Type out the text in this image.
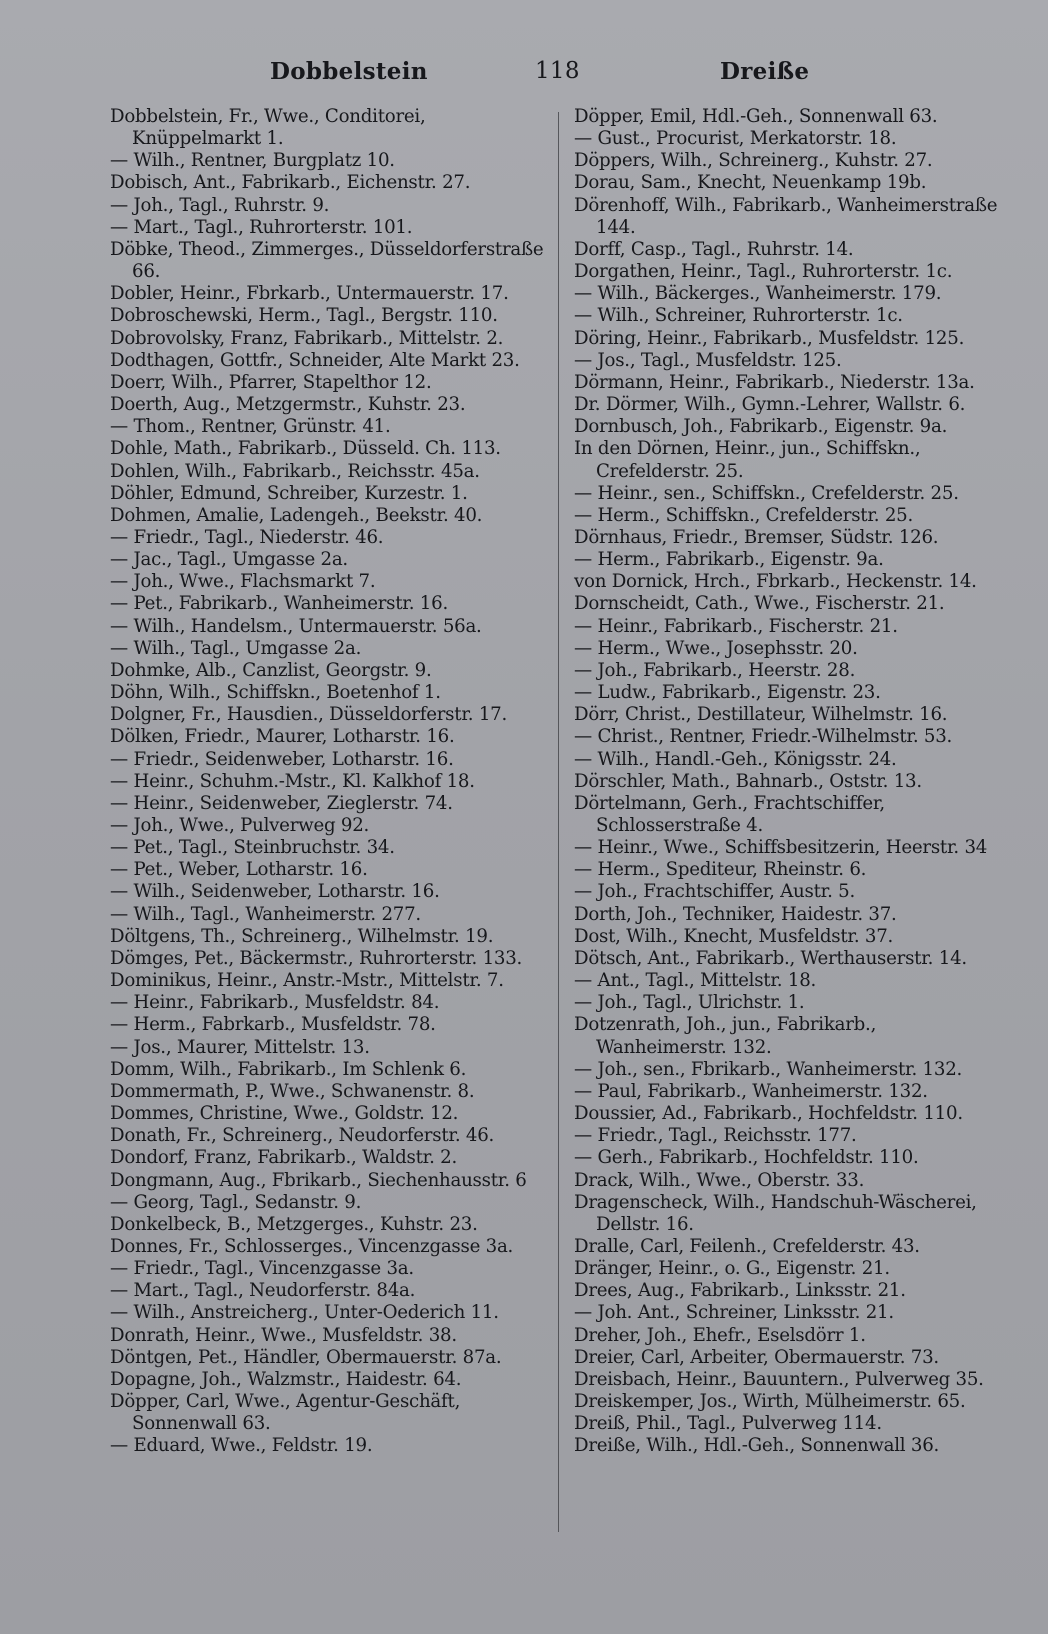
Dobbelstein	118	Dreiße
Dobbelstein, Fr., Wwe., Conditorei, Knüppelmarkt 1.
— Wilh., Rentner, Burgplatz 10.
Dobisch, Ant., Fabrikarb., Eichenstr. 27.
— Joh., Tagl., Ruhrstr. 9.
— Mart., Tagl., Ruhrorterstr. 101.
Döbke, Theod., Zimmerges., Düsseldorferstraße 66.
Dobler, Heinr., Fbrkarb., Untermauerstr. 17.
Dobroschewski, Herm., Tagl., Bergstr. 110.
Dobrovolsky, Franz, Fabrikarb., Mittelstr. 2.
Dodthagen, Gottfr., Schneider, Alte Markt 23.
Doerr, Wilh., Pfarrer, Stapelthor 12.
Doerth, Aug., Metzgermstr., Kuhstr. 23.
— Thom., Rentner, Grünstr. 41.
Dohle, Math., Fabrikarb., Düsseld. Ch. 113.
Dohlen, Wilh., Fabrikarb., Reichsstr. 45a.
Döhler, Edmund, Schreiber, Kurzestr. 1.
Dohmen, Amalie, Ladengeh., Beekstr. 40.
— Friedr., Tagl., Niederstr. 46.
— Jac., Tagl., Umgasse 2a.
— Joh., Wwe., Flachsmarkt 7.
— Pet., Fabrikarb., Wanheimerstr. 16.
— Wilh., Handelsm., Untermauerstr. 56a.
— Wilh., Tagl., Umgasse 2a.
Dohmke, Alb., Canzlist, Georgstr. 9.
Döhn, Wilh., Schiffskn., Boetenhof 1.
Dolgner, Fr., Hausdien., Düsseldorferstr. 17.
Dölken, Friedr., Maurer, Lotharstr. 16.
— Friedr., Seidenweber, Lotharstr. 16.
— Heinr., Schuhm.-Mstr., Kl. Kalkhof 18.
— Heinr., Seidenweber, Zieglerstr. 74.
— Joh., Wwe., Pulverweg 92.
— Pet., Tagl., Steinbruchstr. 34.
— Pet., Weber, Lotharstr. 16.
— Wilh., Seidenweber, Lotharstr. 16.
— Wilh., Tagl., Wanheimerstr. 277.
Döltgens, Th., Schreinerg., Wilhelmstr. 19.
Dömges, Pet., Bäckermstr., Ruhrorterstr. 133.
Dominikus, Heinr., Anstr.-Mstr., Mittelstr. 7.
— Heinr., Fabrikarb., Musfeldstr. 84.
— Herm., Fabrkarb., Musfeldstr. 78.
— Jos., Maurer, Mittelstr. 13.
Domm, Wilh., Fabrikarb., Im Schlenk 6.
Dommermath, P., Wwe., Schwanenstr. 8.
Dommes, Christine, Wwe., Goldstr. 12.
Donath, Fr., Schreinerg., Neudorferstr. 46.
Dondorf, Franz, Fabrikarb., Waldstr. 2.
Dongmann, Aug., Fbrikarb., Siechenhausstr. 6
— Georg, Tagl., Sedanstr. 9.
Donkelbeck, B., Metzgerges., Kuhstr. 23.
Donnes, Fr., Schlosserges., Vincenzgasse 3a.
— Friedr., Tagl., Vincenzgasse 3a.
— Mart., Tagl., Neudorferstr. 84a.
— Wilh., Anstreicherg., Unter-Oederich 11.
Donrath, Heinr., Wwe., Musfeldstr. 38.
Döntgen, Pet., Händler, Obermauerstr. 87a.
Dopagne, Joh., Walzmstr., Haidestr. 64.
Döpper, Carl, Wwe., Agentur-Geschäft, Sonnenwall 63.
— Eduard, Wwe., Feldstr. 19.
Döpper, Emil, Hdl.-Geh., Sonnenwall 63.
— Gust., Procurist, Merkatorstr. 18.
Döppers, Wilh., Schreinerg., Kuhstr. 27.
Dorau, Sam., Knecht, Neuenkamp 19b.
Dörenhoff, Wilh., Fabrikarb., Wanheimerstraße 144.
Dorff, Casp., Tagl., Ruhrstr. 14.
Dorgathen, Heinr., Tagl., Ruhrorterstr. 1c.
— Wilh., Bäckerges., Wanheimerstr. 179.
— Wilh., Schreiner, Ruhrorterstr. 1c.
Döring, Heinr., Fabrikarb., Musfeldstr. 125.
— Jos., Tagl., Musfeldstr. 125.
Dörmann, Heinr., Fabrikarb., Niederstr. 13a.
Dr. Dörmer, Wilh., Gymn.-Lehrer, Wallstr. 6.
Dornbusch, Joh., Fabrikarb., Eigenstr. 9a.
In den Dörnen, Heinr., jun., Schiffskn., Crefelderstr. 25.
— Heinr., sen., Schiffskn., Crefelderstr. 25.
— Herm., Schiffskn., Crefelderstr. 25.
Dörnhaus, Friedr., Bremser, Südstr. 126.
— Herm., Fabrikarb., Eigenstr. 9a.
von Dornick, Hrch., Fbrkarb., Heckenstr. 14.
Dornscheidt, Cath., Wwe., Fischerstr. 21.
— Heinr., Fabrikarb., Fischerstr. 21.
— Herm., Wwe., Josephsstr. 20.
— Joh., Fabrikarb., Heerstr. 28.
— Ludw., Fabrikarb., Eigenstr. 23.
Dörr, Christ., Destillateur, Wilhelmstr. 16.
— Christ., Rentner, Friedr.-Wilhelmstr. 53.
— Wilh., Handl.-Geh., Königsstr. 24.
Dörschler, Math., Bahnarb., Oststr. 13.
Dörtelmann, Gerh., Frachtschiffer, Schlosserstraße 4.
— Heinr., Wwe., Schiffsbesitzerin, Heerstr. 34
— Herm., Spediteur, Rheinstr. 6.
— Joh., Frachtschiffer, Austr. 5.
Dorth, Joh., Techniker, Haidestr. 37.
Dost, Wilh., Knecht, Musfeldstr. 37.
Dötsch, Ant., Fabrikarb., Werthauserstr. 14.
— Ant., Tagl., Mittelstr. 18.
— Joh., Tagl., Ulrichstr. 1.
Dotzenrath, Joh., jun., Fabrikarb., Wanheimerstr. 132.
— Joh., sen., Fbrikarb., Wanheimerstr. 132.
— Paul, Fabrikarb., Wanheimerstr. 132.
Doussier, Ad., Fabrikarb., Hochfeldstr. 110.
— Friedr., Tagl., Reichsstr. 177.
— Gerh., Fabrikarb., Hochfeldstr. 110.
Drack, Wilh., Wwe., Oberstr. 33.
Dragenscheck, Wilh., Handschuh-Wäscherei, Dellstr. 16.
Dralle, Carl, Feilenh., Crefelderstr. 43.
Dränger, Heinr., o. G., Eigenstr. 21.
Drees, Aug., Fabrikarb., Linksstr. 21.
— Joh. Ant., Schreiner, Linksstr. 21.
Dreher, Joh., Ehefr., Eselsdörr 1.
Dreier, Carl, Arbeiter, Obermauerstr. 73.
Dreisbach, Heinr., Bauuntern., Pulverweg 35.
Dreiskemper, Jos., Wirth, Mülheimerstr. 65.
Dreiß, Phil., Tagl., Pulverweg 114.
Dreiße, Wilh., Hdl.-Geh., Sonnenwall 36.
